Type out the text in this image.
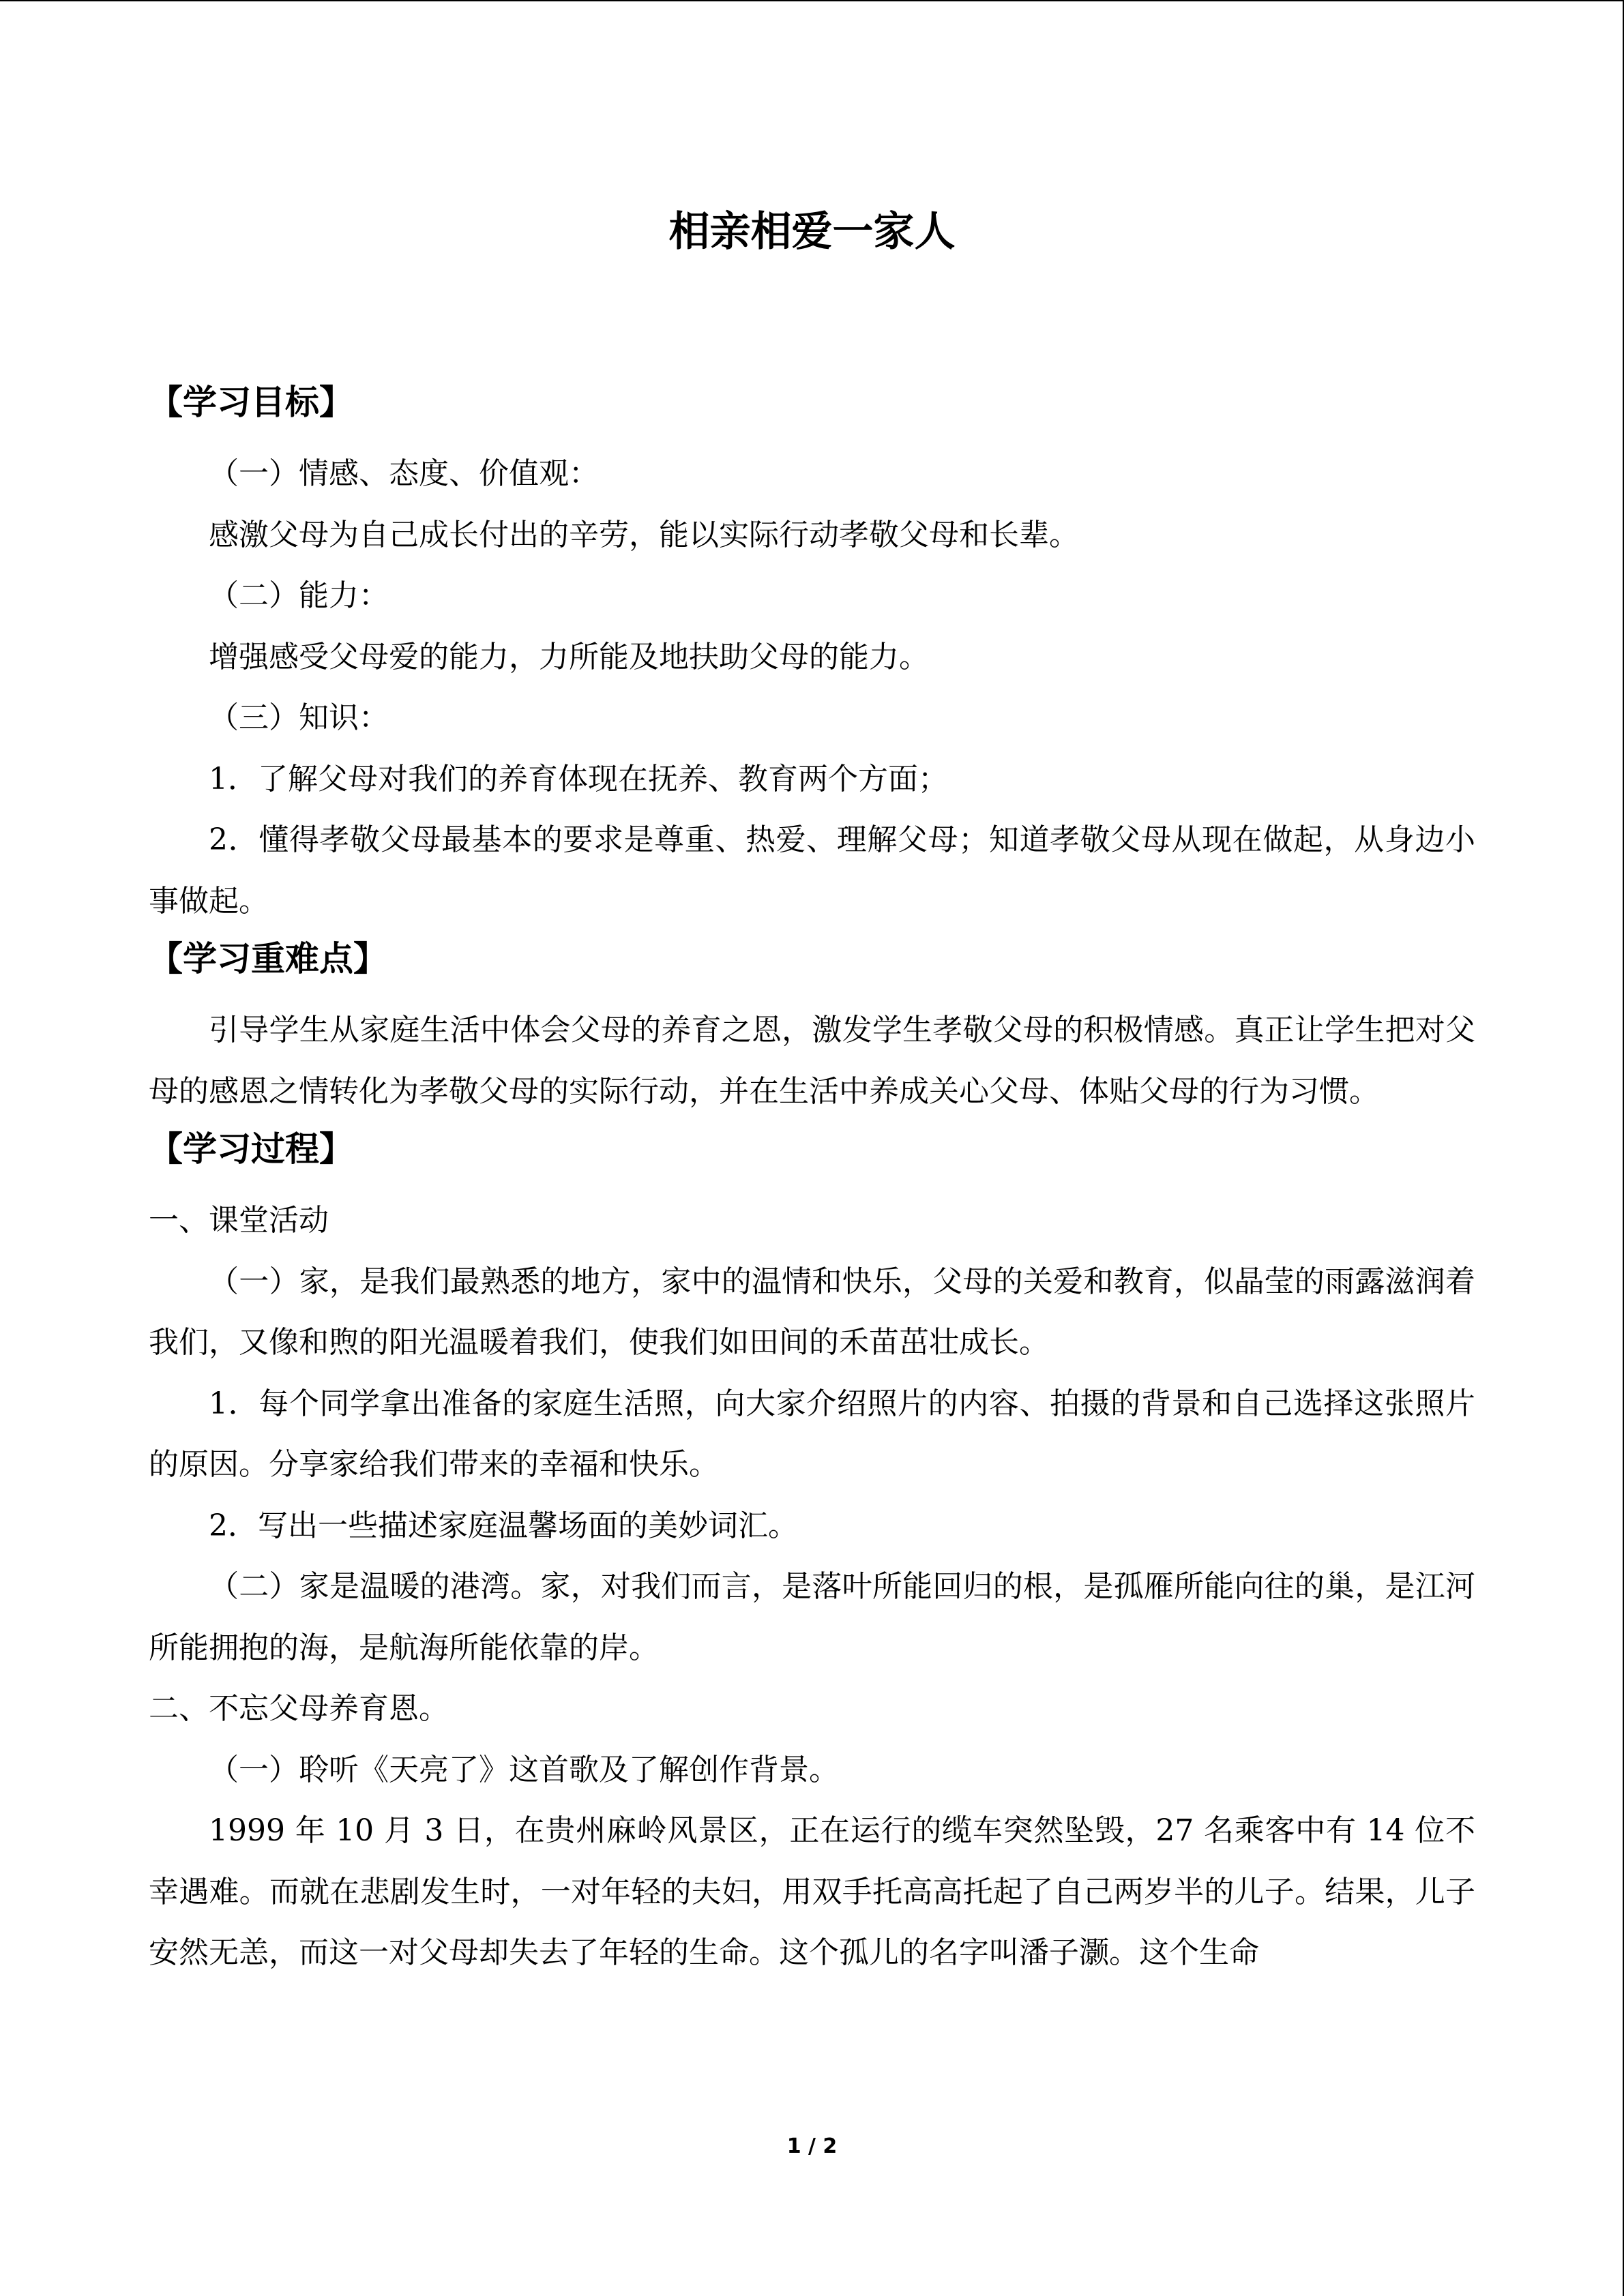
相亲相爱一家人
【学习目标】

（一）情感、态度、价值观：

感激父母为自己成长付出的辛劳，能以实际行动孝敬父母和长辈。

（二）能力：

增强感受父母爱的能力，力所能及地扶助父母的能力。

（三）知识：

1．了解父母对我们的养育体现在抚养、教育两个方面；

2．懂得孝敬父母最基本的要求是尊重、热爱、理解父母；知道孝敬父母从现在做起，从身边小事做起。

【学习重难点】

引导学生从家庭生活中体会父母的养育之恩，激发学生孝敬父母的积极情感。真正让学生把对父母的感恩之情转化为孝敬父母的实际行动，并在生活中养成关心父母、体贴父母的行为习惯。

【学习过程】

一、课堂活动

（一）家，是我们最熟悉的地方，家中的温情和快乐，父母的关爱和教育，似晶莹的雨露滋润着我们，又像和煦的阳光温暖着我们，使我们如田间的禾苗茁壮成长。

1．每个同学拿出准备的家庭生活照，向大家介绍照片的内容、拍摄的背景和自己选择这张照片的原因。分享家给我们带来的幸福和快乐。

2．写出一些描述家庭温馨场面的美妙词汇。

（二）家是温暖的港湾。家，对我们而言，是落叶所能回归的根，是孤雁所能向往的巢，是江河所能拥抱的海，是航海所能依靠的岸。

二、不忘父母养育恩。

（一）聆听《天亮了》这首歌及了解创作背景。

1999 年 10 月 3 日，在贵州麻岭风景区，正在运行的缆车突然坠毁，27 名乘客中有 14 位不幸遇难。而就在悲剧发生时，一对年轻的夫妇，用双手托高高托起了自己两岁半的儿子。结果，儿子安然无恙，而这一对父母却失去了年轻的生命。这个孤儿的名字叫潘子灏。这个生命

1 / 2
